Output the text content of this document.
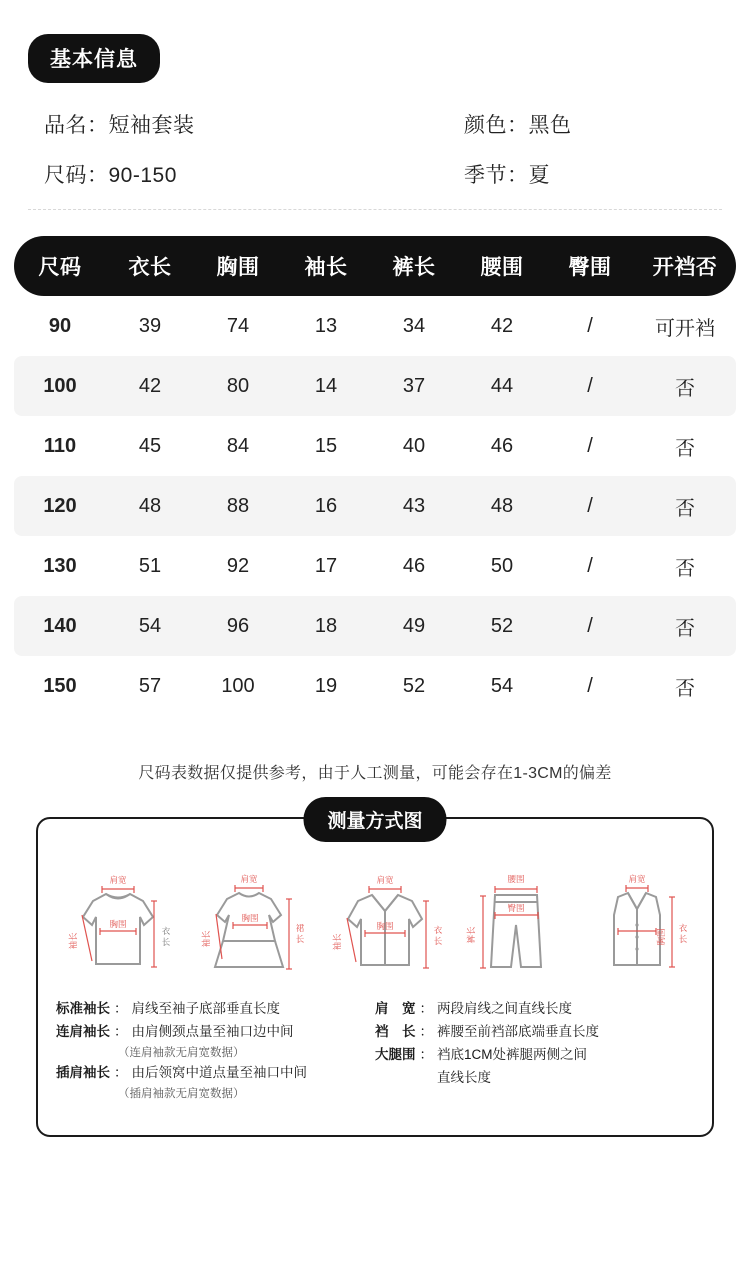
基本信息
品名：短袖套装	颜色：黑色
尺码：90-150	季节：夏
尺码	衣长	胸围	袖长	裤长	腰围	臀围	开裆否
90	39	74	13	34	42	/	可开裆
100	42	80	14	37	44	/	否
110	45	84	15	40	46	/	否
120	48	88	16	43	48	/	否
130	51	92	17	46	50	/	否
140	54	96	18	49	52	/	否
150	57	100	19	52	54	/	否
尺码表数据仅提供参考，由于人工测量，可能会存在1-3CM的偏差
测量方式图
肩宽
袖长
胸围
衣
长
肩宽
袖长
胸围
裙
长
肩宽
袖长
胸围	衣
长
腰围
臀围
裤长
肩宽
胸围
衣
长
标准袖长 ： 肩线至袖子底部垂直长度
连肩袖长 ： 由肩侧颈点量至袖口边中间
（连肩袖款无肩宽数据）
插肩袖长 ： 由后领窝中道点量至袖口中间
（插肩袖款无肩宽数据）
肩　宽 ： 两段肩线之间直线长度
裆　长 ： 裤腰至前裆部底端垂直长度
大腿围 ： 裆底1CM处裤腿两侧之间
直线长度
